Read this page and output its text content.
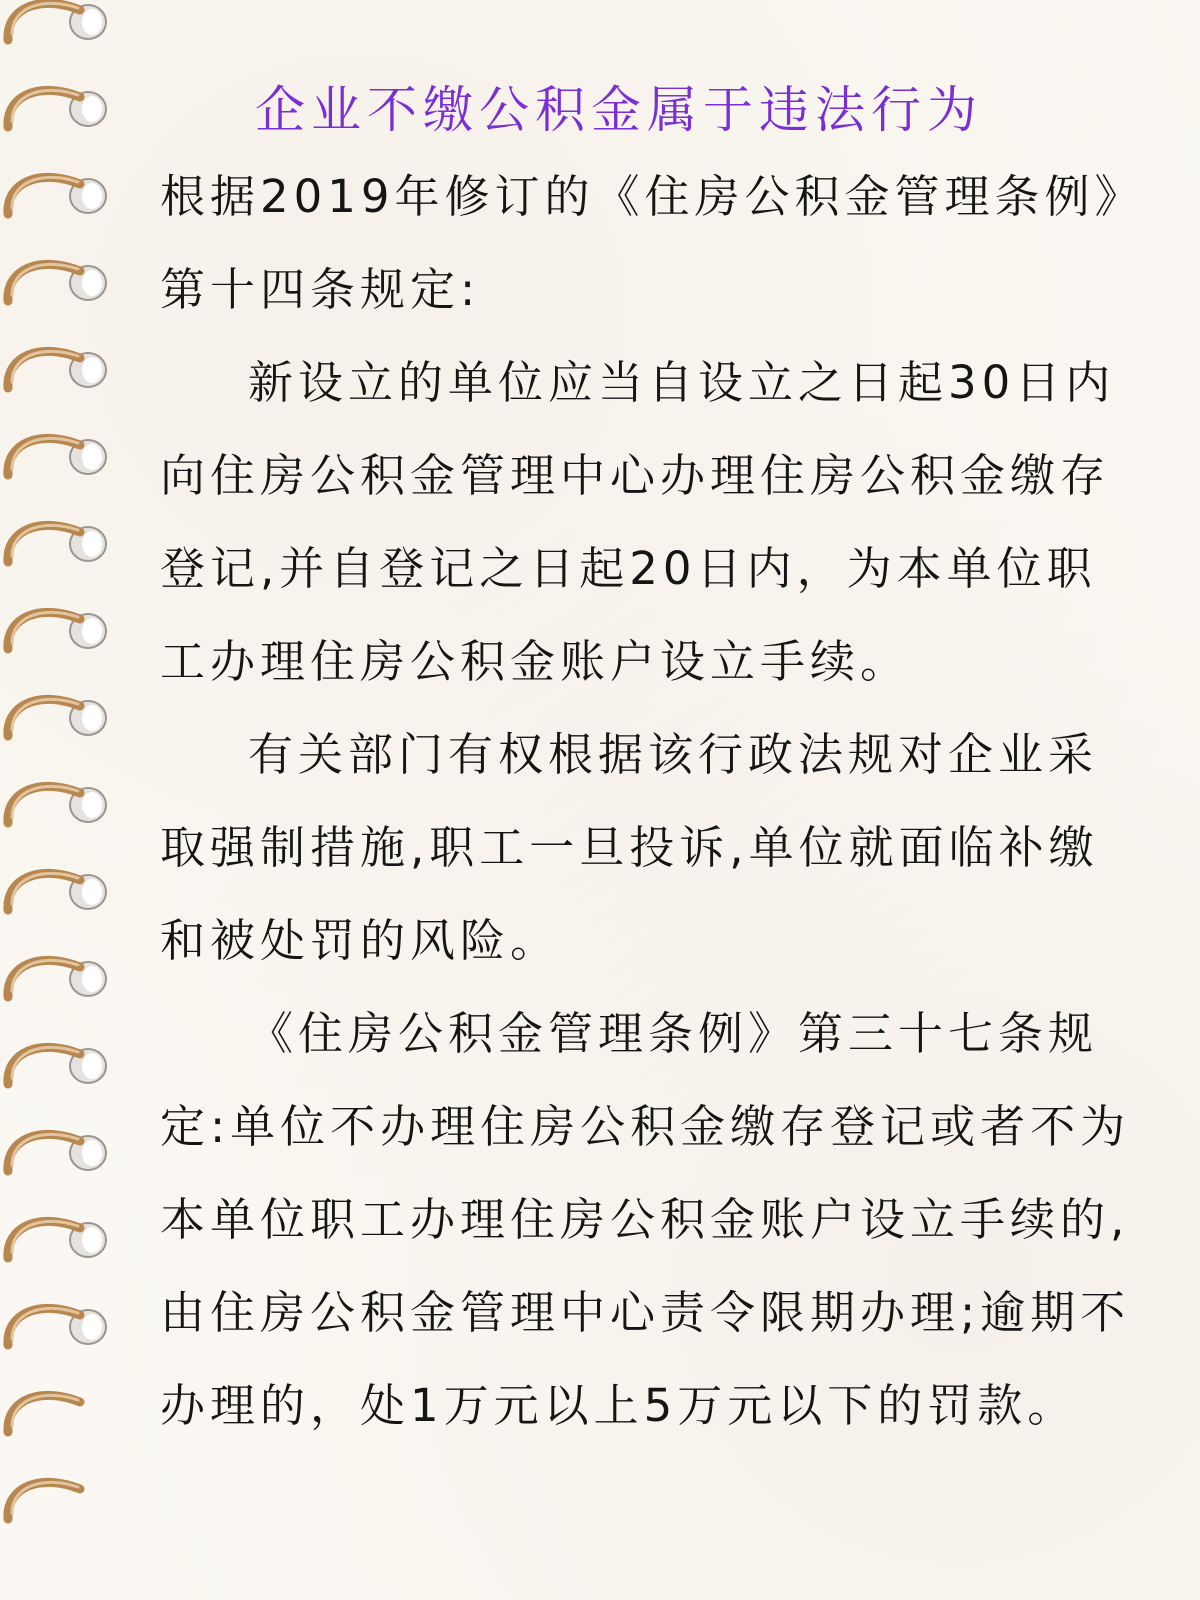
企业不缴公积金属于违法行为
根据2019年修订的《住房公积金管理条例》
第十四条规定:
新设立的单位应当自设立之日起30日内
向住房公积金管理中心办理住房公积金缴存
登记,并自登记之日起20日内，为本单位职
工办理住房公积金账户设立手续。
有关部门有权根据该行政法规对企业采
取强制措施,职工一旦投诉,单位就面临补缴
和被处罚的风险。
《住房公积金管理条例》第三十七条规
定:单位不办理住房公积金缴存登记或者不为
本单位职工办理住房公积金账户设立手续的,
由住房公积金管理中心责令限期办理;逾期不
办理的，处1万元以上5万元以下的罚款。
